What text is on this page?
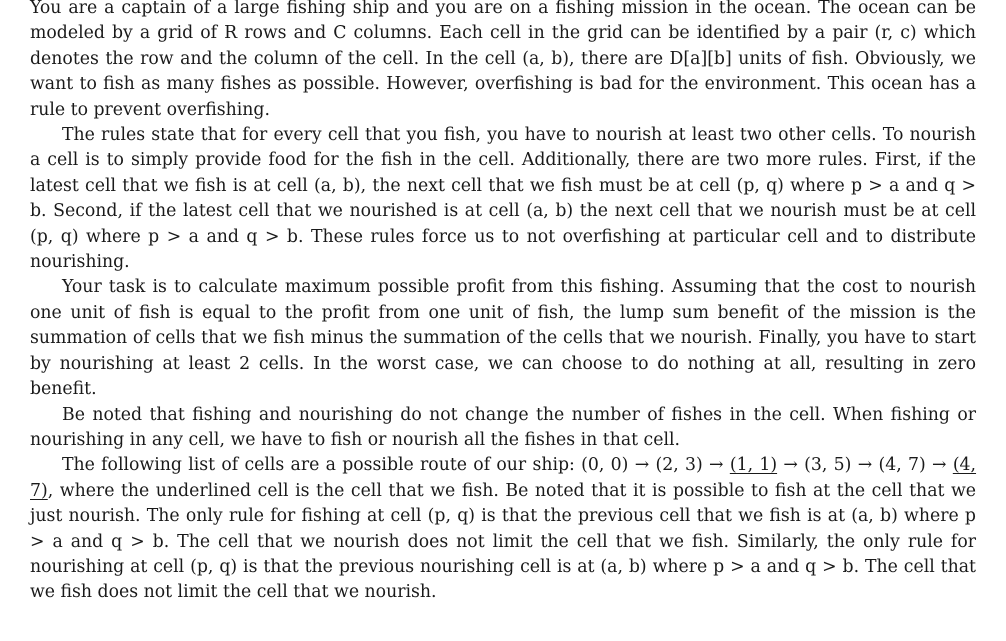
You are a captain of a large fishing ship and you are on a fishing mission in the ocean. The ocean can be modeled by a grid of R rows and C columns. Each cell in the grid can be identified by a pair (r, c) which denotes the row and the column of the cell. In the cell (a, b), there are D[a][b] units of fish. Obviously, we want to fish as many fishes as possible. However, overfishing is bad for the environment. This ocean has a rule to prevent overfishing.

The rules state that for every cell that you fish, you have to nourish at least two other cells. To nourish a cell is to simply provide food for the fish in the cell. Additionally, there are two more rules. First, if the latest cell that we fish is at cell (a, b), the next cell that we fish must be at cell (p, q) where p > a and q > b. Second, if the latest cell that we nourished is at cell (a, b) the next cell that we nourish must be at cell (p, q) where p > a and q > b. These rules force us to not overfishing at particular cell and to distribute nourishing.

Your task is to calculate maximum possible profit from this fishing. Assuming that the cost to nourish one unit of fish is equal to the profit from one unit of fish, the lump sum benefit of the mission is the summation of cells that we fish minus the summation of the cells that we nourish. Finally, you have to start by nourishing at least 2 cells. In the worst case, we can choose to do nothing at all, resulting in zero benefit.

Be noted that fishing and nourishing do not change the number of fishes in the cell. When fishing or nourishing in any cell, we have to fish or nourish all the fishes in that cell.

The following list of cells are a possible route of our ship: (0, 0) → (2, 3) → (1, 1) → (3, 5) → (4, 7) → (4, 7), where the underlined cell is the cell that we fish. Be noted that it is possible to fish at the cell that we just nourish. The only rule for fishing at cell (p, q) is that the previous cell that we fish is at (a, b) where p > a and q > b. The cell that we nourish does not limit the cell that we fish. Similarly, the only rule for nourishing at cell (p, q) is that the previous nourishing cell is at (a, b) where p > a and q > b. The cell that we fish does not limit the cell that we nourish.
